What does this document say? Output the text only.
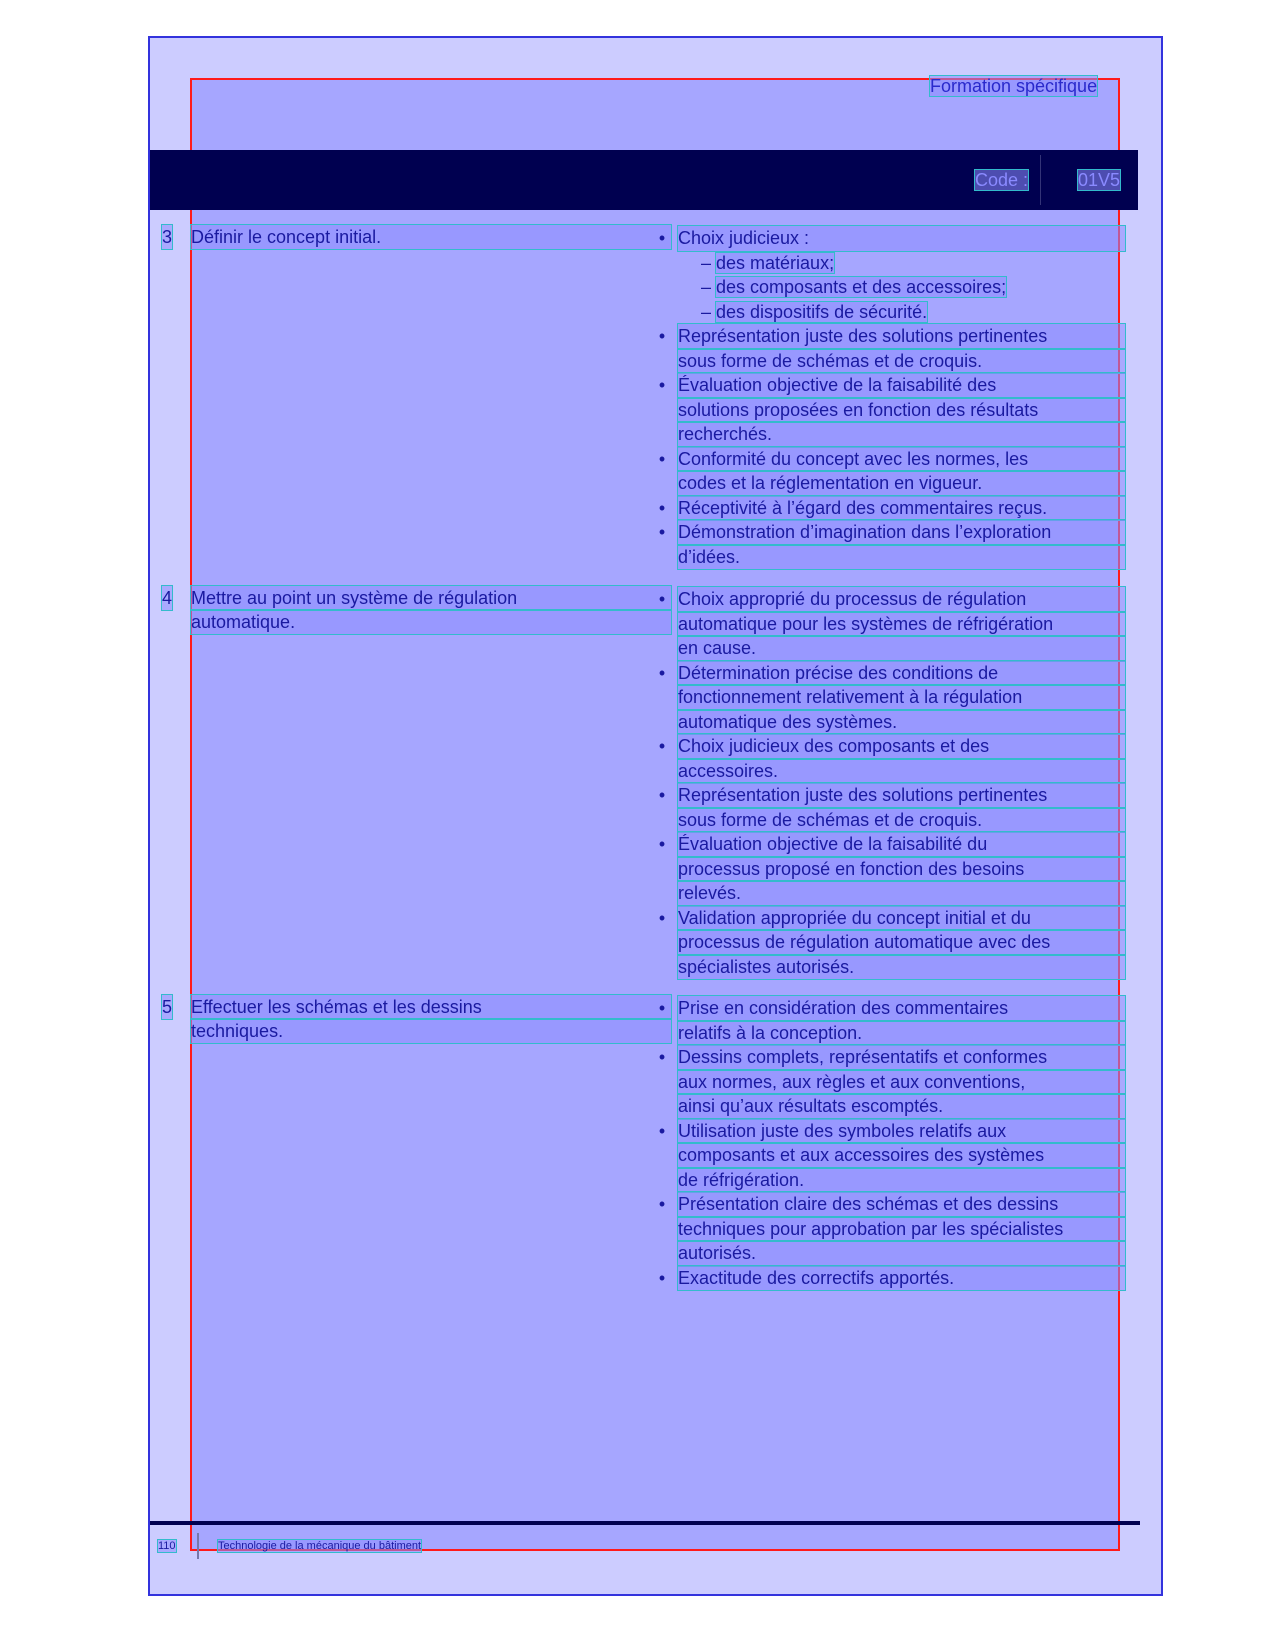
Formation spécifique
Code :	01V5
3 Définir le concept initial.	• Choix judicieux :
– des matériaux;
– des composants et des accessoires;
– des dispositifs de sécurité.
• Représentation juste des solutions pertinentes
sous forme de schémas et de croquis.
• Évaluation objective de la faisabilité des
solutions proposées en fonction des résultats
recherchés.
• Conformité du concept avec les normes, les
codes et la réglementation en vigueur.
• Réceptivité à l’égard des commentaires reçus.
• Démonstration d’imagination dans l’exploration
d’idées.
4 Mettre au point un système de régulation
automatique.
• Choix approprié du processus de régulation
automatique pour les systèmes de réfrigération
en cause.
• Détermination précise des conditions de
fonctionnement relativement à la régulation
automatique des systèmes.
• Choix judicieux des composants et des
accessoires.
• Représentation juste des solutions pertinentes
sous forme de schémas et de croquis.
• Évaluation objective de la faisabilité du
processus proposé en fonction des besoins
relevés.
• Validation appropriée du concept initial et du
processus de régulation automatique avec des
spécialistes autorisés.
5 Effectuer les schémas et les dessins
techniques.
• Prise en considération des commentaires
relatifs à la conception.
• Dessins complets, représentatifs et conformes
aux normes, aux règles et aux conventions,
ainsi qu’aux résultats escomptés.
• Utilisation juste des symboles relatifs aux
composants et aux accessoires des systèmes
de réfrigération.
• Présentation claire des schémas et des dessins
techniques pour approbation par les spécialistes
autorisés.
• Exactitude des correctifs apportés.
110	Technologie de la mécanique du bâtiment
